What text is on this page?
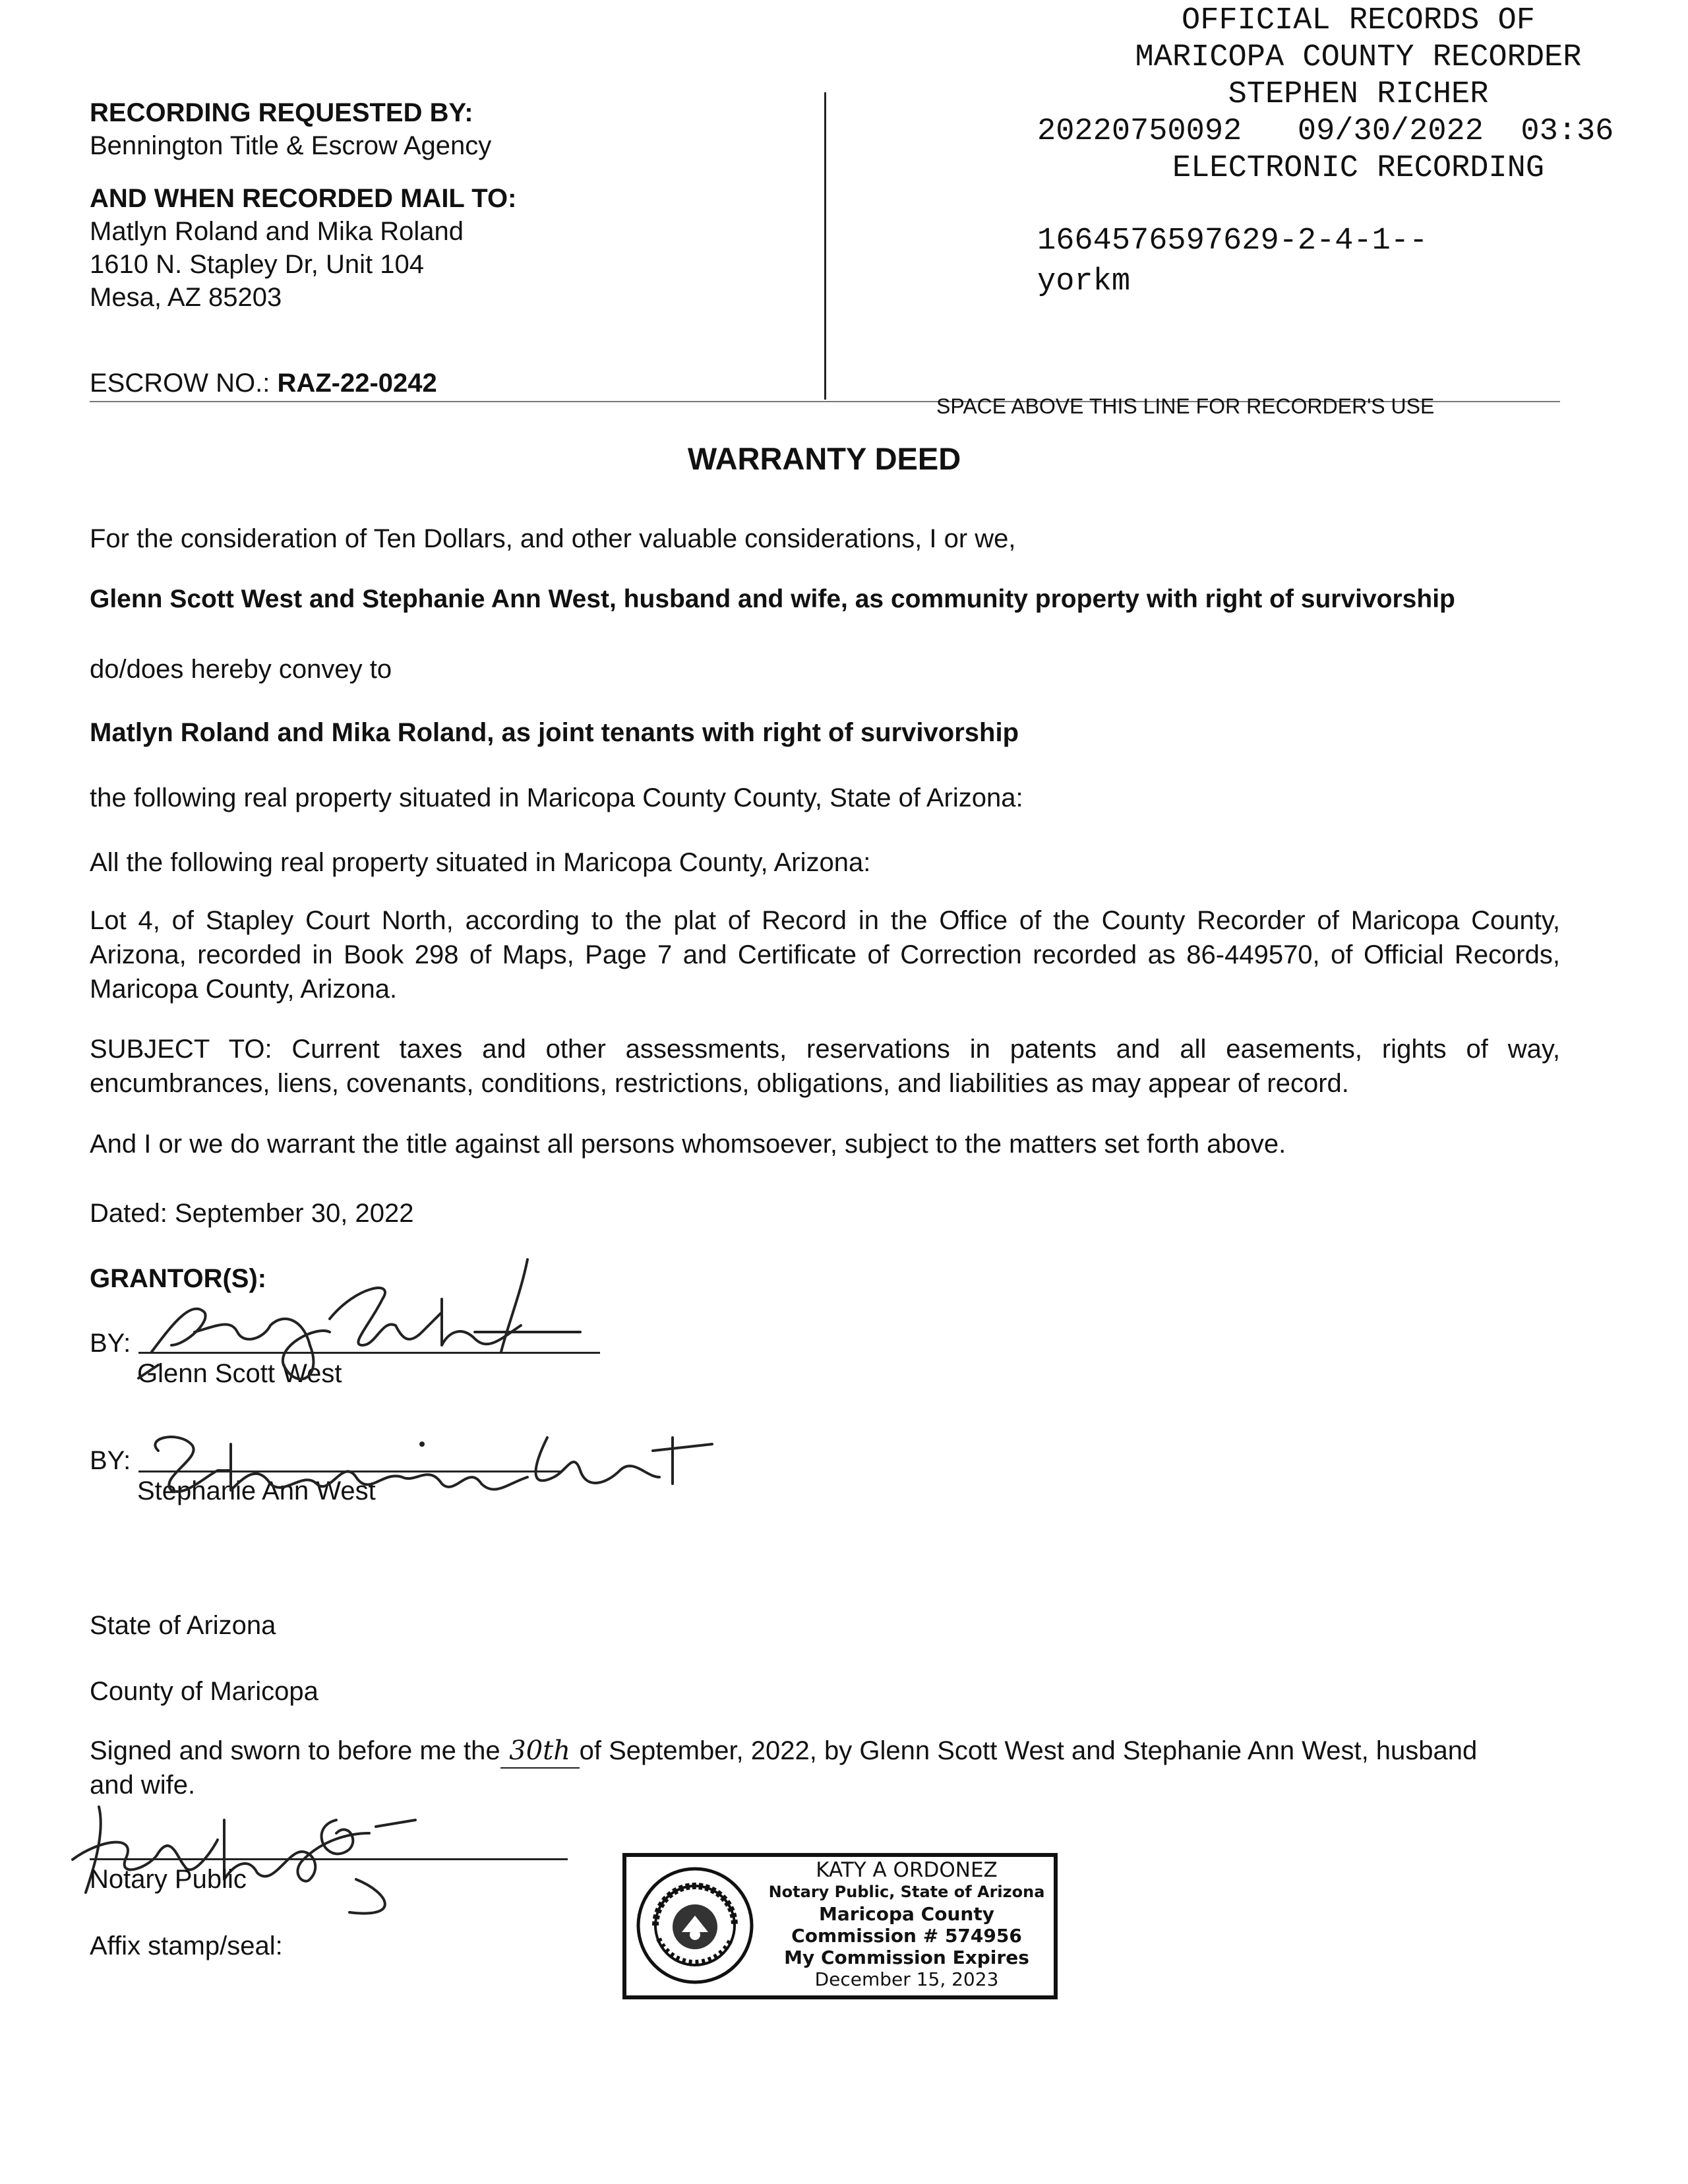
OFFICIAL RECORDS OF
MARICOPA COUNTY RECORDER
STEPHEN RICHER
20220750092 09/30/2022 03:36
ELECTRONIC RECORDING
1664576597629-2-4-1--
yorkm
RECORDING REQUESTED BY:
Bennington Title & Escrow Agency
AND WHEN RECORDED MAIL TO:
Matlyn Roland and Mika Roland
1610 N. Stapley Dr, Unit 104
Mesa, AZ 85203
ESCROW NO.: RAZ-22-0242
SPACE ABOVE THIS LINE FOR RECORDER'S USE
WARRANTY DEED
For the consideration of Ten Dollars, and other valuable considerations, I or we,
Glenn Scott West and Stephanie Ann West, husband and wife, as community property with right of survivorship
do/does hereby convey to
Matlyn Roland and Mika Roland, as joint tenants with right of survivorship
the following real property situated in Maricopa County County, State of Arizona:
All the following real property situated in Maricopa County, Arizona:
Lot 4, of Stapley Court North, according to the plat of Record in the Office of the County Recorder of Maricopa County, Arizona, recorded in Book 298 of Maps, Page 7 and Certificate of Correction recorded as 86-449570, of Official Records, Maricopa County, Arizona.
SUBJECT TO: Current taxes and other assessments, reservations in patents and all easements, rights of way, encumbrances, liens, covenants, conditions, restrictions, obligations, and liabilities as may appear of record.
And I or we do warrant the title against all persons whomsoever, subject to the matters set forth above.
Dated: September 30, 2022
GRANTOR(S):
BY:
Glenn Scott West
BY:
Stephanie Ann West
State of Arizona
County of Maricopa
Signed and sworn to before me the 30th of September, 2022, by Glenn Scott West and Stephanie Ann West, husband
and wife.
Notary Public
Affix stamp/seal:
KATY A ORDONEZ
Notary Public, State of Arizona
Maricopa County
Commission # 574956
My Commission Expires
December 15, 2023
